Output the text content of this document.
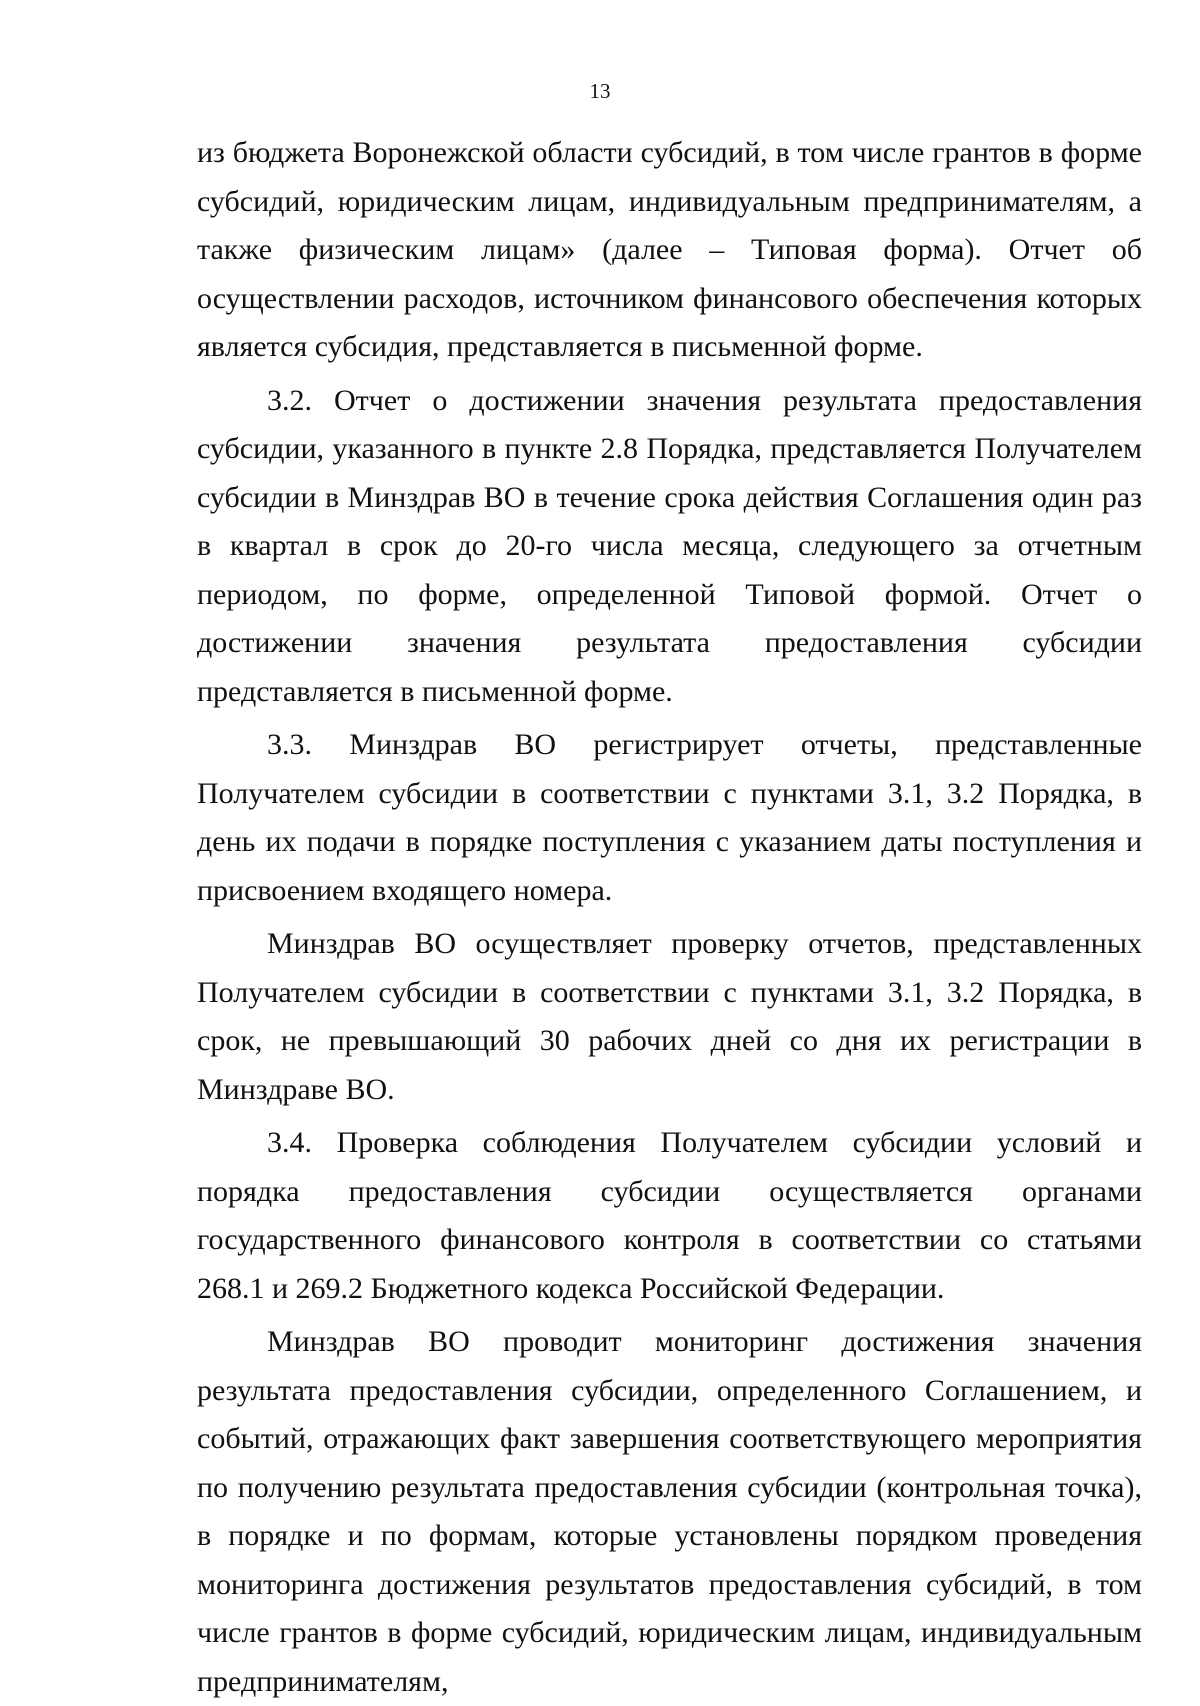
13

из бюджета Воронежской области субсидий, в том числе грантов в форме субсидий, юридическим лицам, индивидуальным предпринимателям, а также физическим лицам» (далее – Типовая форма). Отчет об осуществлении расходов, источником финансового обеспечения которых является субсидия, представляется в письменной форме.

3.2. Отчет о достижении значения результата предоставления субсидии, указанного в пункте 2.8 Порядка, представляется Получателем субсидии в Минздрав ВО в течение срока действия Соглашения один раз в квартал в срок до 20-го числа месяца, следующего за отчетным периодом, по форме, определенной Типовой формой. Отчет о достижении значения результата предоставления субсидии представляется в письменной форме.

3.3. Минздрав ВО регистрирует отчеты, представленные Получателем субсидии в соответствии с пунктами 3.1, 3.2 Порядка, в день их подачи в порядке поступления с указанием даты поступления и присвоением входящего номера.

Минздрав ВО осуществляет проверку отчетов, представленных Получателем субсидии в соответствии с пунктами 3.1, 3.2 Порядка, в срок, не превышающий 30 рабочих дней со дня их регистрации в Минздраве ВО.

3.4. Проверка соблюдения Получателем субсидии условий и порядка предоставления субсидии осуществляется органами государственного финансового контроля в соответствии со статьями 268.1 и 269.2 Бюджетного кодекса Российской Федерации.

Минздрав ВО проводит мониторинг достижения значения результата предоставления субсидии, определенного Соглашением, и событий, отражающих факт завершения соответствующего мероприятия по получению результата предоставления субсидии (контрольная точка), в порядке и по формам, которые установлены порядком проведения мониторинга достижения результатов предоставления субсидий, в том числе грантов в форме субсидий, юридическим лицам, индивидуальным предпринимателям,
